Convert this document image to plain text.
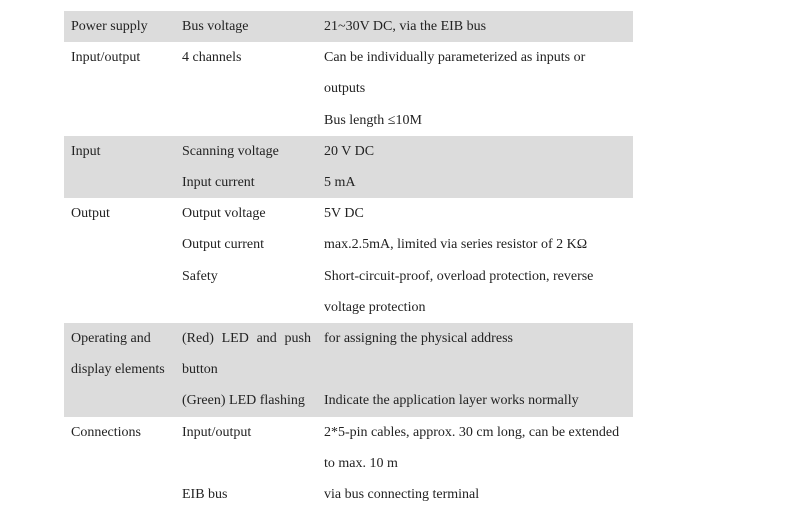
Power supply	Bus voltage	21~30V DC, via the EIB bus
Input/output	4 channels	Can be individually parameterized as inputs or
		outputs
		Bus length ≤10M
Input	Scanning voltage	20 V DC
	Input current	5 mA
Output	Output voltage	5V DC
	Output current	max.2.5mA, limited via series resistor of 2 KΩ
	Safety	Short-circuit-proof, overload protection, reverse
		voltage protection
Operating and	(Red) LED and push	for assigning the physical address
display elements	button	
	(Green) LED flashing	Indicate the application layer works normally
Connections	Input/output	2*5-pin cables, approx. 30 cm long, can be extended
		to max. 10 m
	EIB bus	via bus connecting terminal
